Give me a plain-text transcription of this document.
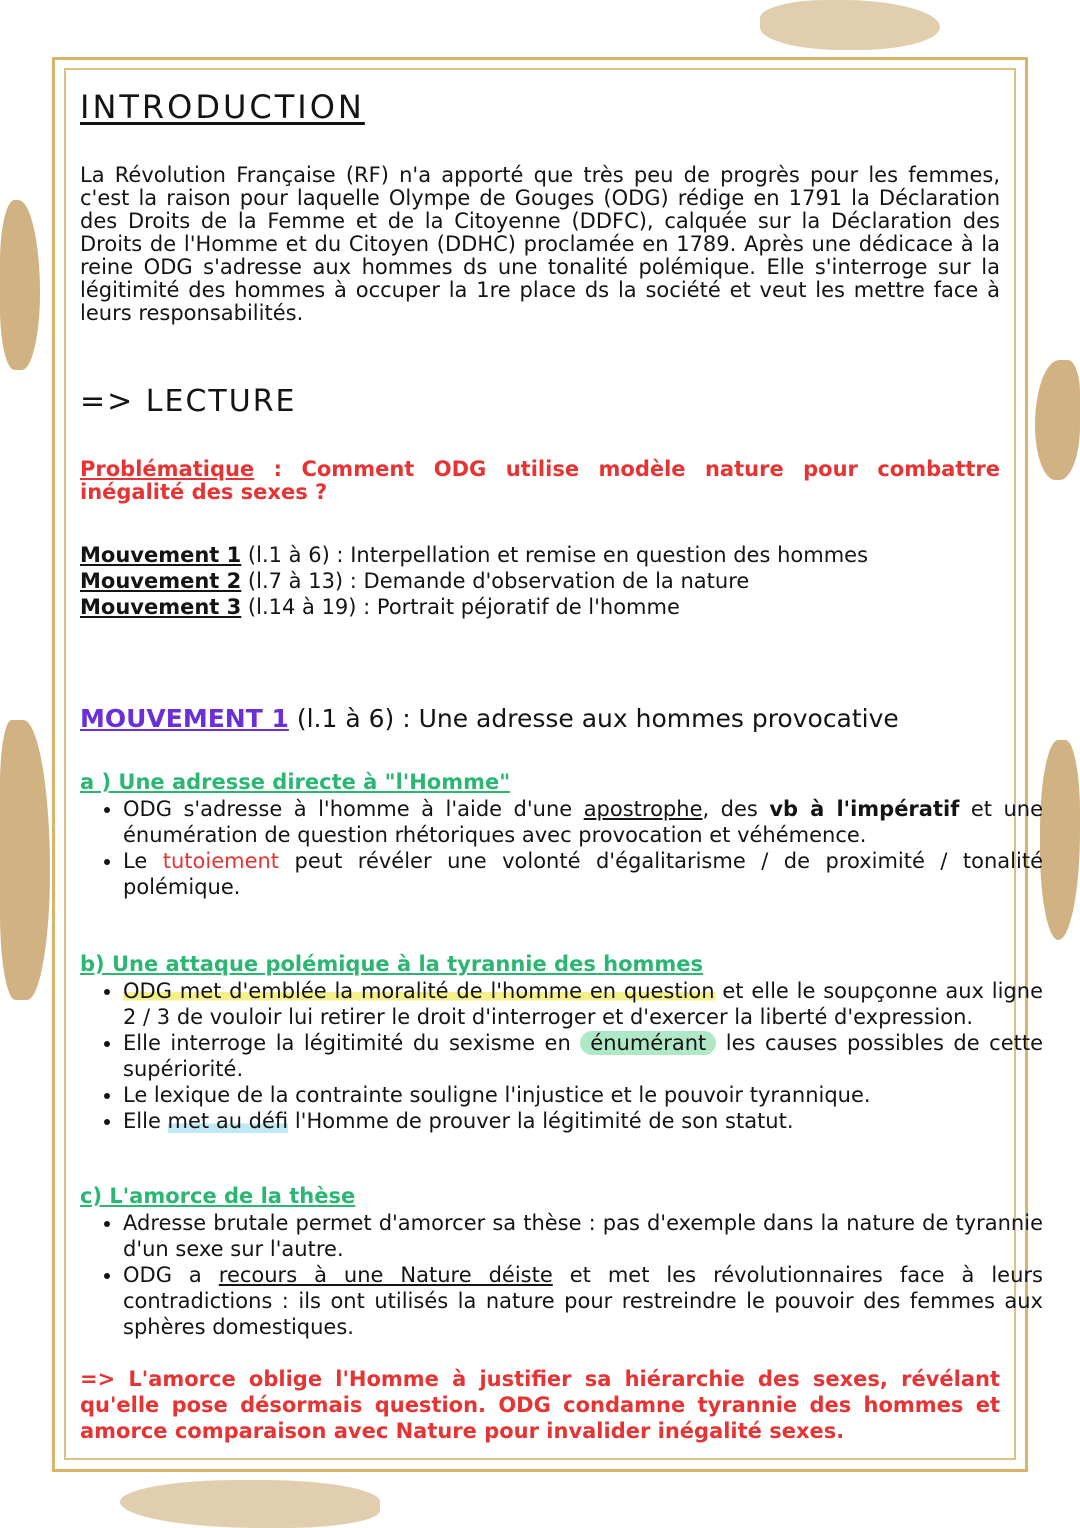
INTRODUCTION

La Révolution Française (RF) n'a apporté que très peu de progrès pour les femmes, c'est la raison pour laquelle Olympe de Gouges (ODG) rédige en 1791 la Déclaration des Droits de la Femme et de la Citoyenne (DDFC), calquée sur la Déclaration des Droits de l'Homme et du Citoyen (DDHC) proclamée en 1789. Après une dédicace à la reine ODG s'adresse aux hommes ds une tonalité polémique. Elle s'interroge sur la légitimité des hommes à occuper la 1re place ds la société et veut les mettre face à leurs responsabilités.

=> LECTURE

Problématique : Comment ODG utilise modèle nature pour combattre inégalité des sexes ?

Mouvement 1 (l.1 à 6) : Interpellation et remise en question des hommes
Mouvement 2 (l.7 à 13) : Demande d'observation de la nature
Mouvement 3 (l.14 à 19) : Portrait péjoratif de l'homme
MOUVEMENT 1 (l.1 à 6) : Une adresse aux hommes provocative

a ) Une adresse directe à "l'Homme"

• ODG s'adresse à l'homme à l'aide d'une apostrophe, des vb à l'impératif et une énumération de question rhétoriques avec provocation et véhémence.
• Le tutoiement peut révéler une volonté d'égalitarisme / de proximité / tonalité polémique.

b) Une attaque polémique à la tyrannie des hommes

• ODG met d'emblée la moralité de l'homme en question et elle le soupçonne aux ligne 2 / 3 de vouloir lui retirer le droit d'interroger et d'exercer la liberté d'expression.
• Elle interroge la légitimité du sexisme en énumérant les causes possibles de cette supériorité.
• Le lexique de la contrainte souligne l'injustice et le pouvoir tyrannique.
• Elle met au défi l'Homme de prouver la légitimité de son statut.

c) L'amorce de la thèse

• Adresse brutale permet d'amorcer sa thèse : pas d'exemple dans la nature de tyrannie d'un sexe sur l'autre.
• ODG a recours à une Nature déiste et met les révolutionnaires face à leurs contradictions : ils ont utilisés la nature pour restreindre le pouvoir des femmes aux sphères domestiques.

=> L'amorce oblige l'Homme à justifier sa hiérarchie des sexes, révélant qu'elle pose désormais question. ODG condamne tyrannie des hommes et amorce comparaison avec Nature pour invalider inégalité sexes.
